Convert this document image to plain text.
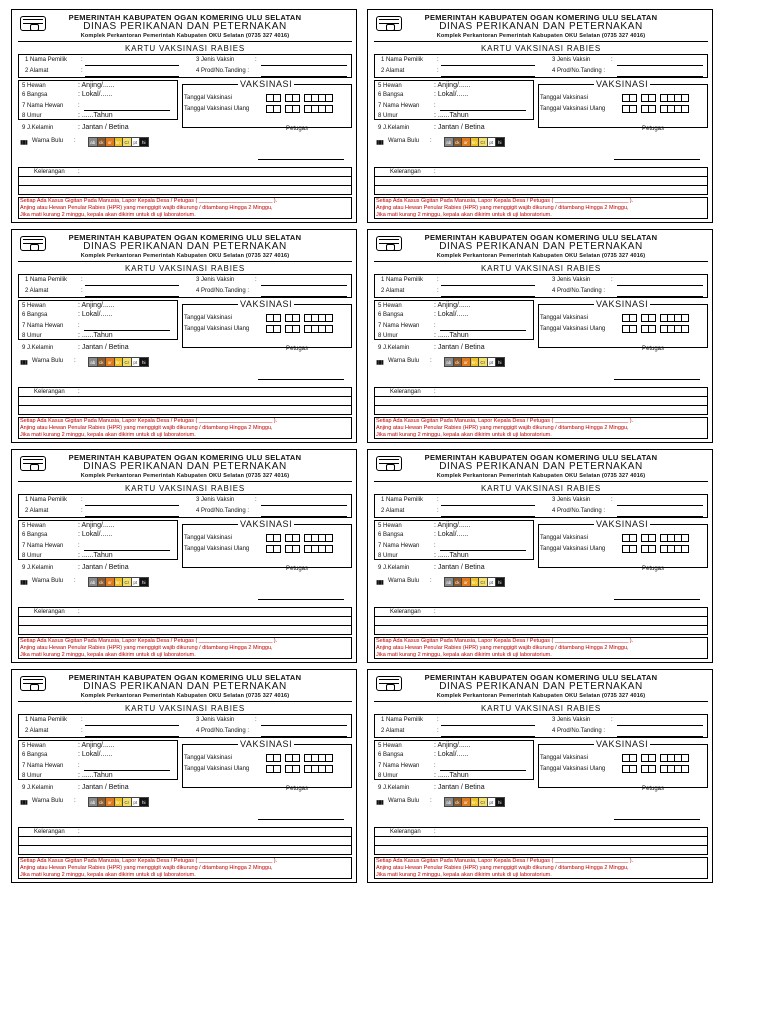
PEMERINTAH KABUPATEN OGAN KOMERING ULU SELATAN
DINAS PERIKANAN DAN PETERNAKAN
Komplek Perkantoran Pemerintah Kabupaten OKU Selatan (0735 327 4016)
KARTU VAKSINASI RABIES
1 Nama Pemilik :
2 Alamat	:
3 Jenis Vaksin	:
4 Prod/No.Tanding :
5 Hewan	: Anjing/......
6 Bangsa	: Lokal/......
7 Nama Hewan :
8 Umur	: ......Tahun
9 J.Kelamin	: Jantan / Betina
▮▮▮ Warna Bulu :	ab ck or kn Cr pt	hi
VAKSINASI
Tanggal Vaksinasi
Tanggal Vaksinasi Ulang
Petugas
Kelerangan :
Setiap Ada Kasus Gigitan Pada Manusia, Lapor Kepala Desa / Petugas ( ________________________ ).
Anjing atau Hewan Penular Rabies (HPR) yang menggigit wajib dikurung / ditambang Hingga 2 Minggu,
Jika mati kurang 2 minggu, kepala akan dikirim untuk di uji laboratorium.
PEMERINTAH KABUPATEN OGAN KOMERING ULU SELATAN
DINAS PERIKANAN DAN PETERNAKAN
Komplek Perkantoran Pemerintah Kabupaten OKU Selatan (0735 327 4016)
KARTU VAKSINASI RABIES
1 Nama Pemilik :
2 Alamat	:
3 Jenis Vaksin	:
4 Prod/No.Tanding :
5 Hewan	: Anjing/......
6 Bangsa	: Lokal/......
7 Nama Hewan :
8 Umur	: ......Tahun
9 J.Kelamin	: Jantan / Betina
▮▮▮ Warna Bulu :	ab ck or kn Cr pt	hi
VAKSINASI
Tanggal Vaksinasi
Tanggal Vaksinasi Ulang
Petugas
Kelerangan :
Setiap Ada Kasus Gigitan Pada Manusia, Lapor Kepala Desa / Petugas ( ________________________ ).
Anjing atau Hewan Penular Rabies (HPR) yang menggigit wajib dikurung / ditambang Hingga 2 Minggu,
Jika mati kurang 2 minggu, kepala akan dikirim untuk di uji laboratorium.
PEMERINTAH KABUPATEN OGAN KOMERING ULU SELATAN
DINAS PERIKANAN DAN PETERNAKAN
Komplek Perkantoran Pemerintah Kabupaten OKU Selatan (0735 327 4016)
KARTU VAKSINASI RABIES
1 Nama Pemilik :
2 Alamat	:
3 Jenis Vaksin	:
4 Prod/No.Tanding :
5 Hewan	: Anjing/......
6 Bangsa	: Lokal/......
7 Nama Hewan :
8 Umur	: ......Tahun
9 J.Kelamin	: Jantan / Betina
▮▮▮ Warna Bulu :	ab ck or kn Cr pt	hi
VAKSINASI
Tanggal Vaksinasi
Tanggal Vaksinasi Ulang
Petugas
Kelerangan :
Setiap Ada Kasus Gigitan Pada Manusia, Lapor Kepala Desa / Petugas ( ________________________ ).
Anjing atau Hewan Penular Rabies (HPR) yang menggigit wajib dikurung / ditambang Hingga 2 Minggu,
Jika mati kurang 2 minggu, kepala akan dikirim untuk di uji laboratorium.
PEMERINTAH KABUPATEN OGAN KOMERING ULU SELATAN
DINAS PERIKANAN DAN PETERNAKAN
Komplek Perkantoran Pemerintah Kabupaten OKU Selatan (0735 327 4016)
KARTU VAKSINASI RABIES
1 Nama Pemilik :
2 Alamat	:
3 Jenis Vaksin	:
4 Prod/No.Tanding :
5 Hewan	: Anjing/......
6 Bangsa	: Lokal/......
7 Nama Hewan :
8 Umur	: ......Tahun
9 J.Kelamin	: Jantan / Betina
▮▮▮ Warna Bulu :	ab ck or kn Cr pt	hi
VAKSINASI
Tanggal Vaksinasi
Tanggal Vaksinasi Ulang
Petugas
Kelerangan :
Setiap Ada Kasus Gigitan Pada Manusia, Lapor Kepala Desa / Petugas ( ________________________ ).
Anjing atau Hewan Penular Rabies (HPR) yang menggigit wajib dikurung / ditambang Hingga 2 Minggu,
Jika mati kurang 2 minggu, kepala akan dikirim untuk di uji laboratorium.
PEMERINTAH KABUPATEN OGAN KOMERING ULU SELATAN
DINAS PERIKANAN DAN PETERNAKAN
Komplek Perkantoran Pemerintah Kabupaten OKU Selatan (0735 327 4016)
KARTU VAKSINASI RABIES
1 Nama Pemilik :
2 Alamat	:
3 Jenis Vaksin	:
4 Prod/No.Tanding :
5 Hewan	: Anjing/......
6 Bangsa	: Lokal/......
7 Nama Hewan :
8 Umur	: ......Tahun
9 J.Kelamin	: Jantan / Betina
▮▮▮ Warna Bulu :	ab ck or kn Cr pt	hi
VAKSINASI
Tanggal Vaksinasi
Tanggal Vaksinasi Ulang
Petugas
Kelerangan :
Setiap Ada Kasus Gigitan Pada Manusia, Lapor Kepala Desa / Petugas ( ________________________ ).
Anjing atau Hewan Penular Rabies (HPR) yang menggigit wajib dikurung / ditambang Hingga 2 Minggu,
Jika mati kurang 2 minggu, kepala akan dikirim untuk di uji laboratorium.
PEMERINTAH KABUPATEN OGAN KOMERING ULU SELATAN
DINAS PERIKANAN DAN PETERNAKAN
Komplek Perkantoran Pemerintah Kabupaten OKU Selatan (0735 327 4016)
KARTU VAKSINASI RABIES
1 Nama Pemilik :
2 Alamat	:
3 Jenis Vaksin	:
4 Prod/No.Tanding :
5 Hewan	: Anjing/......
6 Bangsa	: Lokal/......
7 Nama Hewan :
8 Umur	: ......Tahun
9 J.Kelamin	: Jantan / Betina
▮▮▮ Warna Bulu :	ab ck or kn Cr pt	hi
VAKSINASI
Tanggal Vaksinasi
Tanggal Vaksinasi Ulang
Petugas
Kelerangan :
Setiap Ada Kasus Gigitan Pada Manusia, Lapor Kepala Desa / Petugas ( ________________________ ).
Anjing atau Hewan Penular Rabies (HPR) yang menggigit wajib dikurung / ditambang Hingga 2 Minggu,
Jika mati kurang 2 minggu, kepala akan dikirim untuk di uji laboratorium.
PEMERINTAH KABUPATEN OGAN KOMERING ULU SELATAN
DINAS PERIKANAN DAN PETERNAKAN
Komplek Perkantoran Pemerintah Kabupaten OKU Selatan (0735 327 4016)
KARTU VAKSINASI RABIES
1 Nama Pemilik :
2 Alamat	:
3 Jenis Vaksin	:
4 Prod/No.Tanding :
5 Hewan	: Anjing/......
6 Bangsa	: Lokal/......
7 Nama Hewan :
8 Umur	: ......Tahun
9 J.Kelamin	: Jantan / Betina
▮▮▮ Warna Bulu :	ab ck or kn Cr pt	hi
VAKSINASI
Tanggal Vaksinasi
Tanggal Vaksinasi Ulang
Petugas
Kelerangan :
Setiap Ada Kasus Gigitan Pada Manusia, Lapor Kepala Desa / Petugas ( ________________________ ).
Anjing atau Hewan Penular Rabies (HPR) yang menggigit wajib dikurung / ditambang Hingga 2 Minggu,
Jika mati kurang 2 minggu, kepala akan dikirim untuk di uji laboratorium.
PEMERINTAH KABUPATEN OGAN KOMERING ULU SELATAN
DINAS PERIKANAN DAN PETERNAKAN
Komplek Perkantoran Pemerintah Kabupaten OKU Selatan (0735 327 4016)
KARTU VAKSINASI RABIES
1 Nama Pemilik :
2 Alamat	:
3 Jenis Vaksin	:
4 Prod/No.Tanding :
5 Hewan	: Anjing/......
6 Bangsa	: Lokal/......
7 Nama Hewan :
8 Umur	: ......Tahun
9 J.Kelamin	: Jantan / Betina
▮▮▮ Warna Bulu :	ab ck or kn Cr pt	hi
VAKSINASI
Tanggal Vaksinasi
Tanggal Vaksinasi Ulang
Petugas
Kelerangan :
Setiap Ada Kasus Gigitan Pada Manusia, Lapor Kepala Desa / Petugas ( ________________________ ).
Anjing atau Hewan Penular Rabies (HPR) yang menggigit wajib dikurung / ditambang Hingga 2 Minggu,
Jika mati kurang 2 minggu, kepala akan dikirim untuk di uji laboratorium.
